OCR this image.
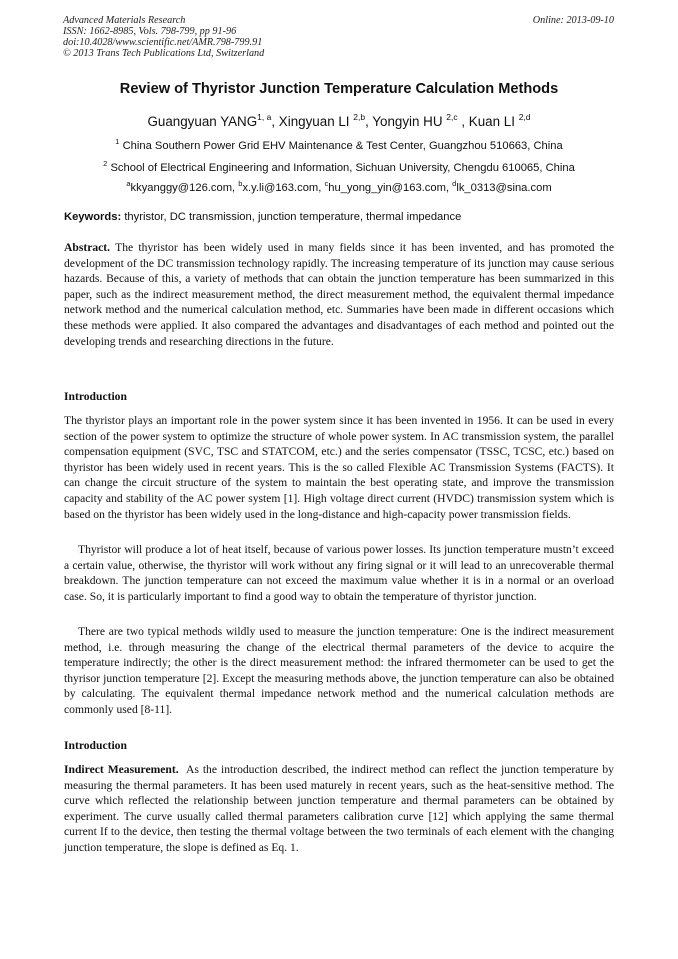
Advanced Materials Research
ISSN: 1662-8985, Vols. 798-799, pp 91-96
doi:10.4028/www.scientific.net/AMR.798-799.91
© 2013 Trans Tech Publications Ltd, Switzerland
Online: 2013-09-10
Review of Thyristor Junction Temperature Calculation Methods
Guangyuan YANG$^{1, a}$, Xingyuan LI $^{2,b}$, Yongyin HU $^{2,c}$ , Kuan LI $^{2,d}$
$^1$ China Southern Power Grid EHV Maintenance & Test Center, Guangzhou 510663, China
$^2$ School of Electrical Engineering and Information, Sichuan University, Chengdu 610065, China
$^a$kkyanggy@126.com, $^b$x.y.li@163.com, $^c$hu_yong_yin@163.com, $^d$lk_0313@sina.com
Keywords: thyristor, DC transmission, junction temperature, thermal impedance
Abstract. The thyristor has been widely used in many fields since it has been invented, and has promoted the development of the DC transmission technology rapidly. The increasing temperature of its junction may cause serious hazards. Because of this, a variety of methods that can obtain the junction temperature has been summarized in this paper, such as the indirect measurement method, the direct measurement method, the equivalent thermal impedance network method and the numerical calculation method, etc. Summaries have been made in different occasions which these methods were applied. It also compared the advantages and disadvantages of each method and pointed out the developing trends and researching directions in the future.
Introduction
The thyristor plays an important role in the power system since it has been invented in 1956. It can be used in every section of the power system to optimize the structure of whole power system. In AC transmission system, the parallel compensation equipment (SVC, TSC and STATCOM, etc.) and the series compensator (TSSC, TCSC, etc.) based on thyristor has been widely used in recent years. This is the so called Flexible AC Transmission Systems (FACTS). It can change the circuit structure of the system to maintain the best operating state, and improve the transmission capacity and stability of the AC power system [1]. High voltage direct current (HVDC) transmission system which is based on the thyristor has been widely used in the long-distance and high-capacity power transmission fields.
Thyristor will produce a lot of heat itself, because of various power losses. Its junction temperature mustn’t exceed a certain value, otherwise, the thyristor will work without any firing signal or it will lead to an unrecoverable thermal breakdown. The junction temperature can not exceed the maximum value whether it is in a normal or an overload case. So, it is particularly important to find a good way to obtain the temperature of thyristor junction.
There are two typical methods wildly used to measure the junction temperature: One is the indirect measurement method, i.e. through measuring the change of the electrical thermal parameters of the device to acquire the temperature indirectly; the other is the direct measurement method: the infrared thermometer can be used to get the thyrisor junction temperature [2]. Except the measuring methods above, the junction temperature can also be obtained by calculating. The equivalent thermal impedance network method and the numerical calculation methods are commonly used [8-11].
Introduction
Indirect Measurement. As the introduction described, the indirect method can reflect the junction temperature by measuring the thermal parameters. It has been used maturely in recent years, such as the heat-sensitive method. The curve which reflected the relationship between junction temperature and thermal parameters can be obtained by experiment. The curve usually called thermal parameters calibration curve [12] which applying the same thermal current If to the device, then testing the thermal voltage between the two terminals of each element with the changing junction temperature, the slope is defined as Eq. 1.
